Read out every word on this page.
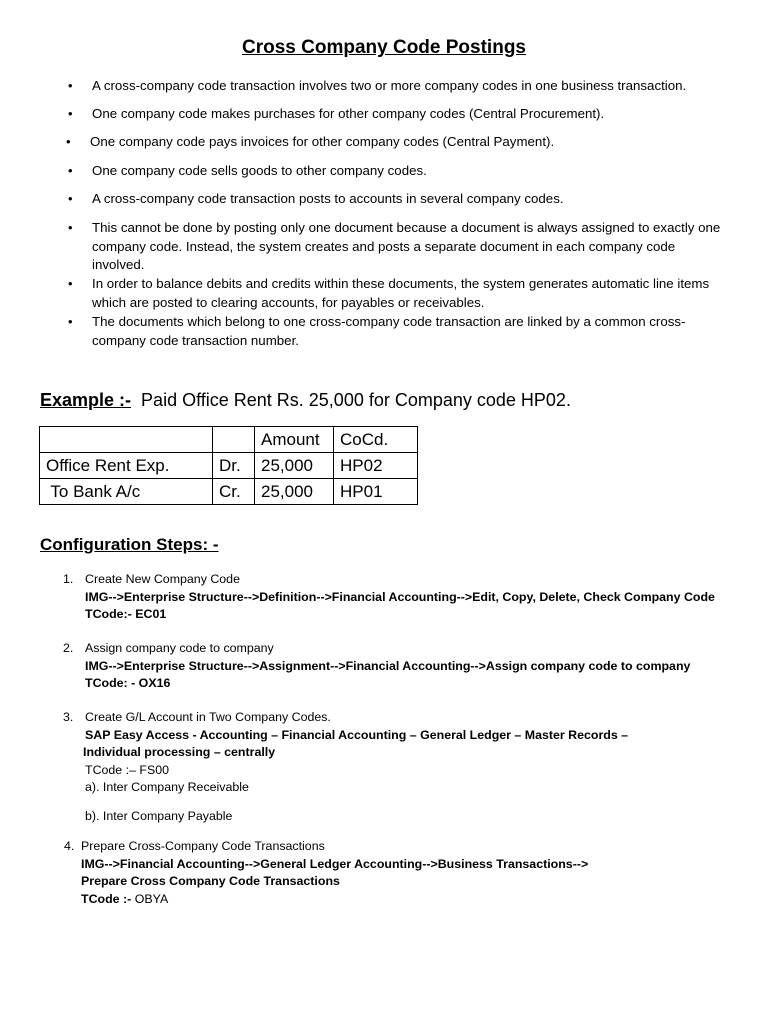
Cross Company Code Postings
• A cross-company code transaction involves two or more company codes in one business transaction.
• One company code makes purchases for other company codes (Central Procurement).
• One company code pays invoices for other company codes (Central Payment).
• One company code sells goods to other company codes.
• A cross-company code transaction posts to accounts in several company codes.
• This cannot be done by posting only one document because a document is always assigned to exactly one company code. Instead, the system creates and posts a separate document in each company code involved.
• In order to balance debits and credits within these documents, the system generates automatic line items which are posted to clearing accounts, for payables or receivables.
• The documents which belong to one cross-company code transaction are linked by a common cross-company code transaction number.
Example :- Paid Office Rent Rs. 25,000 for Company code HP02.
		Amount	CoCd.
Office Rent Exp.	Dr.	25,000	HP02
To Bank A/c	Cr.	25,000	HP01
Configuration Steps: -
1. Create New Company Code
IMG-->Enterprise Structure-->Definition-->Financial Accounting-->Edit, Copy, Delete, Check Company Code
TCode:- EC01
2. Assign company code to company
IMG-->Enterprise Structure-->Assignment-->Financial Accounting-->Assign company code to company
TCode: - OX16
3. Create G/L Account in Two Company Codes.
SAP Easy Access - Accounting – Financial Accounting – General Ledger – Master Records –
Individual processing – centrally
TCode :– FS00
a). Inter Company Receivable
b). Inter Company Payable
4. Prepare Cross-Company Code Transactions
IMG-->Financial Accounting-->General Ledger Accounting-->Business Transactions-->
Prepare Cross Company Code Transactions
TCode :- OBYA
